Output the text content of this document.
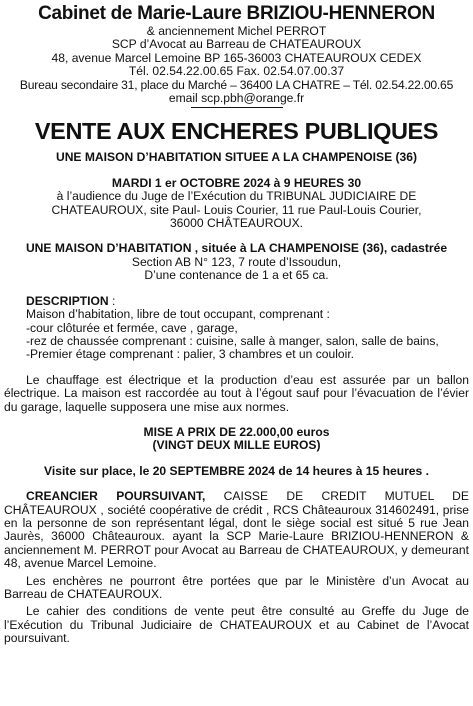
Cabinet de Marie-Laure BRIZIOU-HENNERON
& anciennement Michel PERROT
SCP d’Avocat au Barreau de CHATEAUROUX
48, avenue Marcel Lemoine BP 165-36003 CHATEAUROUX CEDEX
Tél. 02.54.22.00.65 Fax. 02.54.07.00.37
Bureau secondaire 31, place du Marché – 36400 LA CHATRE – Tél. 02.54.22.00.65
email scp.pbh@orange.fr
VENTE AUX ENCHERES PUBLIQUES
UNE MAISON D’HABITATION SITUEE A LA CHAMPENOISE (36)
MARDI 1 er OCTOBRE 2024 à 9 HEURES 30
à l’audience du Juge de l’Exécution du TRIBUNAL JUDICIAIRE DE
CHATEAUROUX, site Paul- Louis Courier, 11 rue Paul-Louis Courier,
36000 CHÂTEAUROUX.
UNE MAISON D’HABITATION , située à LA CHAMPENOISE (36), cadastrée
Section AB N° 123, 7 route d’Issoudun,
D’une contenance de 1 a et 65 ca.
DESCRIPTION :
Maison d’habitation, libre de tout occupant, comprenant :
-cour clôturée et fermée, cave , garage,
-rez de chaussée comprenant : cuisine, salle à manger, salon, salle de bains,
-Premier étage comprenant : palier, 3 chambres et un couloir.
Le chauffage est électrique et la production d’eau est assurée par un ballon électrique. La maison est raccordée au tout à l’égout sauf pour l’évacuation de l’évier du garage, laquelle supposera une mise aux normes.
MISE A PRIX DE 22.000,00 euros
(VINGT DEUX MILLE EUROS)
Visite sur place, le 20 SEPTEMBRE 2024 de 14 heures à 15 heures .
CREANCIER POURSUIVANT, CAISSE DE CREDIT MUTUEL DE CHÂTEAUROUX , société coopérative de crédit , RCS Châteauroux 314602491, prise en la personne de son représentant légal, dont le siège social est situé 5 rue Jean Jaurès, 36000 Châteauroux. ayant la SCP Marie-Laure BRIZIOU-HENNERON & anciennement M. PERROT pour Avocat au Barreau de CHATEAUROUX, y demeurant 48, avenue Marcel Lemoine.
Les enchères ne pourront être portées que par le Ministère d’un Avocat au Barreau de CHATEAUROUX.
Le cahier des conditions de vente peut être consulté au Greffe du Juge de l’Exécution du Tribunal Judiciaire de CHATEAUROUX et au Cabinet de l’Avocat poursuivant.
